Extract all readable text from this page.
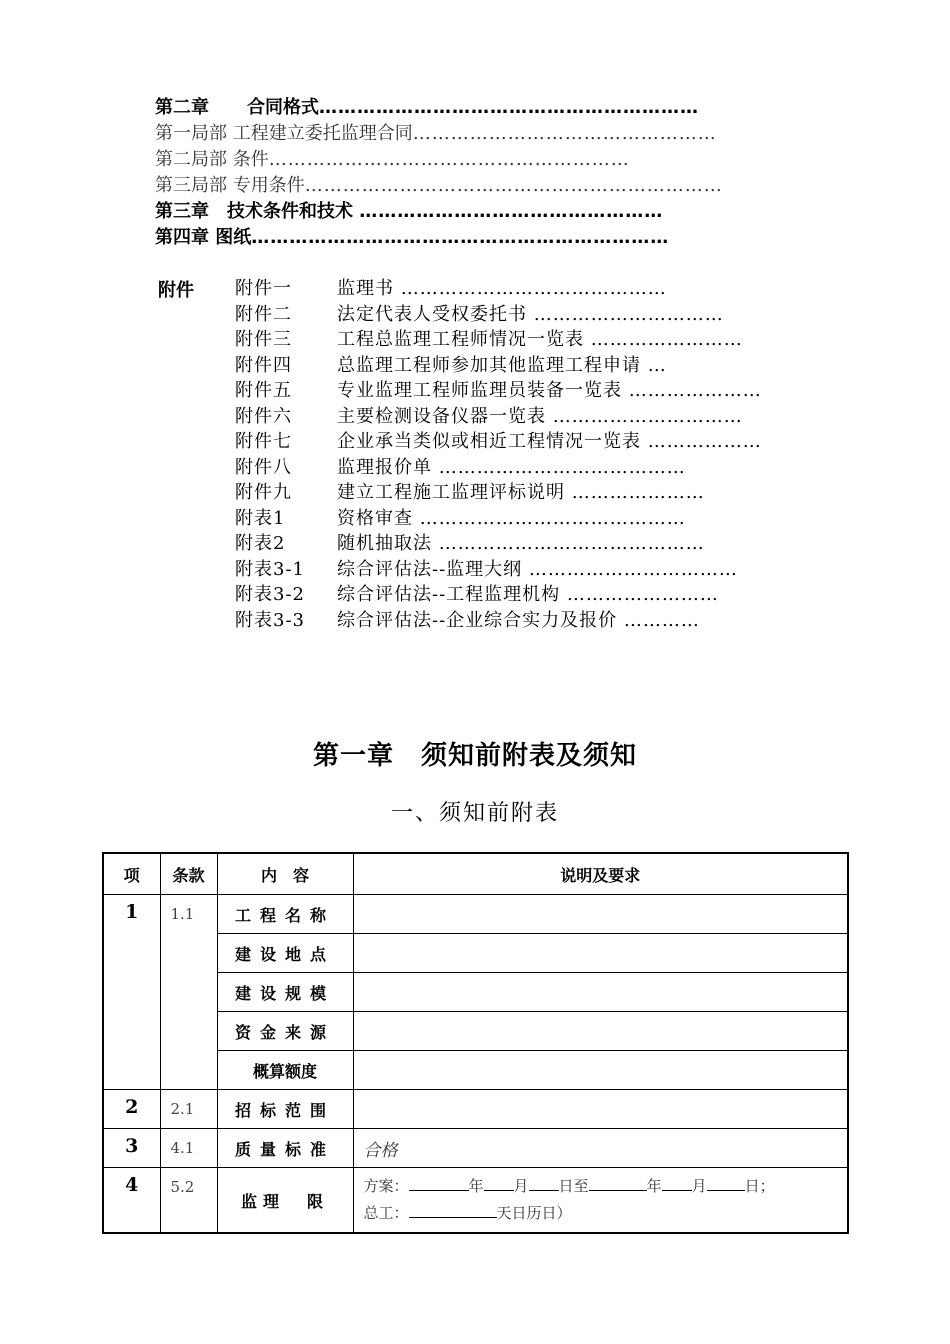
第二章 合同格式……………………………………………………
第一局部 工程建立委托监理合同…………………………………………
第二局部 条件…………………………………………………
第三局部 专用条件…………………………………………………………
第三章　 技术条件和技术 …………………………………………
第四章 图纸…………………………………………………………
附件 附件一	监理书 ……………………………………
附件二	法定代表人受权委托书 …………………………
附件三	工程总监理工程师情况一览表 ……………………
附件四	总监理工程师参加其他监理工程申请 …
附件五	专业监理工程师监理员装备一览表 …………………
附件六	主要检测设备仪器一览表 …………………………
附件七	企业承当类似或相近工程情况一览表 ………………
附件八	监理报价单 …………………………………
附件九	建立工程施工监理评标说明 …………………
附表1	资格审查 ……………………………………
附表2	随机抽取法 ……………………………………
附表3-1 综合评估法--监理大纲 ……………………………
附表3-2 综合评估法--工程监理机构 ……………………
附表3-3 综合评估法--企业综合实力及报价 …………
第一章　须知前附表及须知
一、须知前附表
项	条款	内　容	说明及要求
1	1.1	工程名称	
		建设地点	
		建设规模	
		资金来源	
		概算额度	
2	2.1	招标范围	
3	4.1	质量标准	合格
4	5.2	监理　限	方案： 年 月 日至 年 月 日；
总工： 天日历日）
